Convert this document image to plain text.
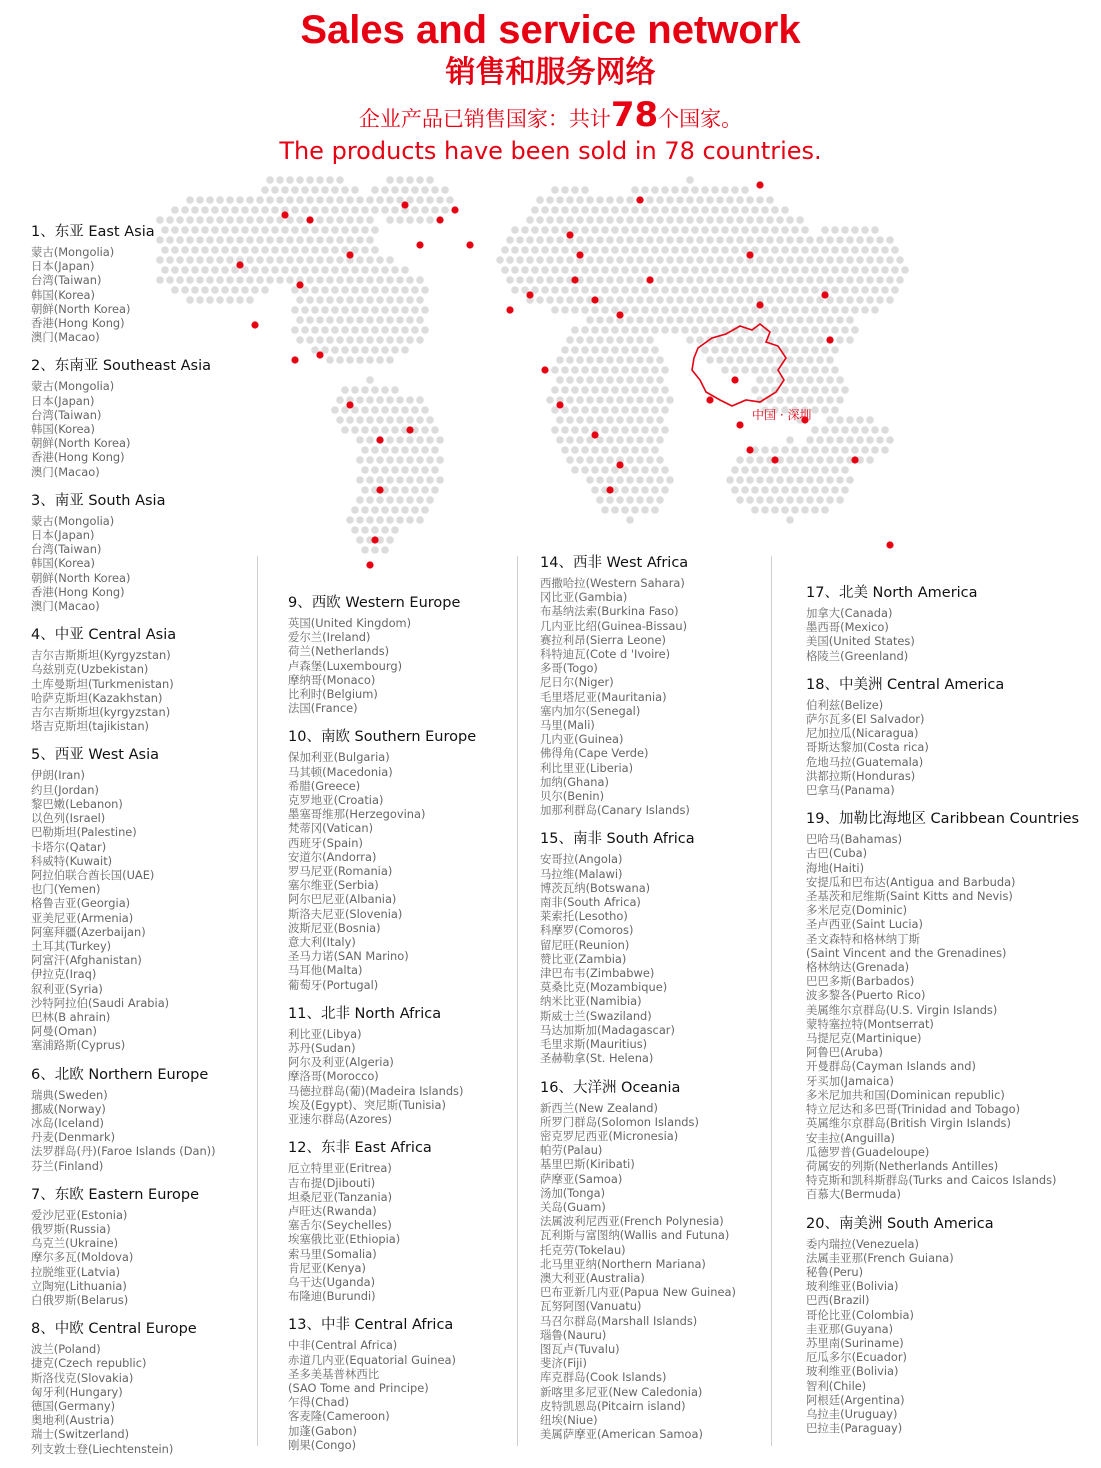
Sales and service network
销售和服务网络
企业产品已销售国家：共计78个国家。
The products have been sold in 78 countries.
中国 · 深圳
1、东亚 East Asia
蒙古(Mongolia)
日本(Japan)
台湾(Taiwan)
韩国(Korea)
朝鲜(North Korea)
香港(Hong Kong)
澳门(Macao)
2、东南亚 Southeast Asia
蒙古(Mongolia)
日本(Japan)
台湾(Taiwan)
韩国(Korea)
朝鲜(North Korea)
香港(Hong Kong)
澳门(Macao)
3、南亚 South Asia
蒙古(Mongolia)
日本(Japan)
台湾(Taiwan)
韩国(Korea)
朝鲜(North Korea)
香港(Hong Kong)
澳门(Macao)
4、中亚 Central Asia
吉尔吉斯斯坦(Kyrgyzstan)
乌兹别克(Uzbekistan)
土库曼斯坦(Turkmenistan)
哈萨克斯坦(Kazakhstan)
吉尔吉斯斯坦(kyrgyzstan)
塔吉克斯坦(tajikistan)
5、西亚 West Asia
伊朗(Iran)
约旦(Jordan)
黎巴嫩(Lebanon)
以色列(Israel)
巴勒斯坦(Palestine)
卡塔尔(Qatar)
科威特(Kuwait)
阿拉伯联合酋长国(UAE)
也门(Yemen)
格鲁吉亚(Georgia)
亚美尼亚(Armenia)
阿塞拜疆(Azerbaijan)
土耳其(Turkey)
阿富汗(Afghanistan)
伊拉克(Iraq)
叙利亚(Syria)
沙特阿拉伯(Saudi Arabia)
巴林(B ahrain)
阿曼(Oman)
塞浦路斯(Cyprus)
6、北欧 Northern Europe
瑞典(Sweden)
挪威(Norway)
冰岛(Iceland)
丹麦(Denmark)
法罗群岛(丹)(Faroe Islands (Dan))
芬兰(Finland)
7、东欧 Eastern Europe
爱沙尼亚(Estonia)
俄罗斯(Russia)
乌克兰(Ukraine)
摩尔多瓦(Moldova)
拉脱维亚(Latvia)
立陶宛(Lithuania)
白俄罗斯(Belarus)
8、中欧 Central Europe
波兰(Poland)
捷克(Czech republic)
斯洛伐克(Slovakia)
匈牙利(Hungary)
德国(Germany)
奥地利(Austria)
瑞士(Switzerland)
列支敦士登(Liechtenstein)
9、西欧 Western Europe
英国(United Kingdom)
爱尔兰(Ireland)
荷兰(Netherlands)
卢森堡(Luxembourg)
摩纳哥(Monaco)
比利时(Belgium)
法国(France)
10、南欧 Southern Europe
保加利亚(Bulgaria)
马其顿(Macedonia)
希腊(Greece)
克罗地亚(Croatia)
墨塞哥维那(Herzegovina)
梵蒂冈(Vatican)
西班牙(Spain)
安道尔(Andorra)
罗马尼亚(Romania)
塞尔维亚(Serbia)
阿尔巴尼亚(Albania)
斯洛夫尼亚(Slovenia)
波斯尼亚(Bosnia)
意大利(Italy)
圣马力诺(SAN Marino)
马耳他(Malta)
葡萄牙(Portugal)
11、北非 North Africa
利比亚(Libya)
苏丹(Sudan)
阿尔及利亚(Algeria)
摩洛哥(Morocco)
马德拉群岛(葡)(Madeira Islands)
埃及(Egypt)、突尼斯(Tunisia)
亚速尔群岛(Azores)
12、东非 East Africa
厄立特里亚(Eritrea)
吉布提(Djibouti)
坦桑尼亚(Tanzania)
卢旺达(Rwanda)
塞舌尔(Seychelles)
埃塞俄比亚(Ethiopia)
索马里(Somalia)
肯尼亚(Kenya)
乌干达(Uganda)
布隆迪(Burundi)
13、中非 Central Africa
中非(Central Africa)
赤道几内亚(Equatorial Guinea)
圣多美基普林西比
(SAO Tome and Principe)
乍得(Chad)
客麦隆(Cameroon)
加蓬(Gabon)
刚果(Congo)
14、西非 West Africa
西撒哈拉(Western Sahara)
冈比亚(Gambia)
布基纳法索(Burkina Faso)
几内亚比绍(Guinea-Bissau)
赛拉利昂(Sierra Leone)
科特迪瓦(Cote d 'Ivoire)
多哥(Togo)
尼日尔(Niger)
毛里塔尼亚(Mauritania)
塞内加尔(Senegal)
马里(Mali)
几内亚(Guinea)
佛得角(Cape Verde)
利比里亚(Liberia)
加纳(Ghana)
贝尔(Benin)
加那利群岛(Canary Islands)
15、南非 South Africa
安哥拉(Angola)
马拉维(Malawi)
博茨瓦纳(Botswana)
南非(South Africa)
莱索托(Lesotho)
科摩罗(Comoros)
留尼旺(Reunion)
赞比亚(Zambia)
津巴布韦(Zimbabwe)
莫桑比克(Mozambique)
纳米比亚(Namibia)
斯威士兰(Swaziland)
马达加斯加(Madagascar)
毛里求斯(Mauritius)
圣赫勒拿(St. Helena)
16、大洋洲 Oceania
新西兰(New Zealand)
所罗门群岛(Solomon Islands)
密克罗尼西亚(Micronesia)
帕劳(Palau)
基里巴斯(Kiribati)
萨摩亚(Samoa)
汤加(Tonga)
关岛(Guam)
法属波利尼西亚(French Polynesia)
瓦利斯与富图纳(Wallis and Futuna)
托克劳(Tokelau)
北马里亚纳(Northern Mariana)
澳大利亚(Australia)
巴布亚新几内亚(Papua New Guinea)
瓦努阿图(Vanuatu)
马召尔群岛(Marshall Islands)
瑙鲁(Nauru)
图瓦卢(Tuvalu)
斐济(Fiji)
库克群岛(Cook Islands)
新喀里多尼亚(New Caledonia)
皮特凯恩岛(Pitcairn island)
纽埃(Niue)
美属萨摩亚(American Samoa)
17、北美 North America
加拿大(Canada)
墨西哥(Mexico)
美国(United States)
格陵兰(Greenland)
18、中美洲 Central America
伯利兹(Belize)
萨尔瓦多(El Salvador)
尼加拉瓜(Nicaragua)
哥斯达黎加(Costa rica)
危地马拉(Guatemala)
洪都拉斯(Honduras)
巴拿马(Panama)
19、加勒比海地区 Caribbean Countries
巴哈马(Bahamas)
古巴(Cuba)
海地(Haiti)
安提瓜和巴布达(Antigua and Barbuda)
圣基茨和尼维斯(Saint Kitts and Nevis)
多米尼克(Dominic)
圣卢西亚(Saint Lucia)
圣文森特和格林纳丁斯
(Saint Vincent and the Grenadines)
格林纳达(Grenada)
巴巴多斯(Barbados)
波多黎各(Puerto Rico)
美属维尔京群岛(U.S. Virgin Islands)
蒙特塞拉特(Montserrat)
马提尼克(Martinique)
阿鲁巴(Aruba)
开曼群岛(Cayman Islands and)
牙买加(Jamaica)
多米尼加共和国(Dominican republic)
特立尼达和多巴哥(Trinidad and Tobago)
英属维尔京群岛(British Virgin Islands)
安圭拉(Anguilla)
瓜德罗普(Guadeloupe)
荷属安的列斯(Netherlands Antilles)
特克斯和凯科斯群岛(Turks and Caicos Islands)
百慕大(Bermuda)
20、南美洲 South America
委内瑞拉(Venezuela)
法属圭亚那(French Guiana)
秘鲁(Peru)
玻利维亚(Bolivia)
巴西(Brazil)
哥伦比亚(Colombia)
圭亚那(Guyana)
苏里南(Suriname)
厄瓜多尔(Ecuador)
玻利维亚(Bolivia)
智利(Chile)
阿根廷(Argentina)
乌拉圭(Uruguay)
巴拉圭(Paraguay)
